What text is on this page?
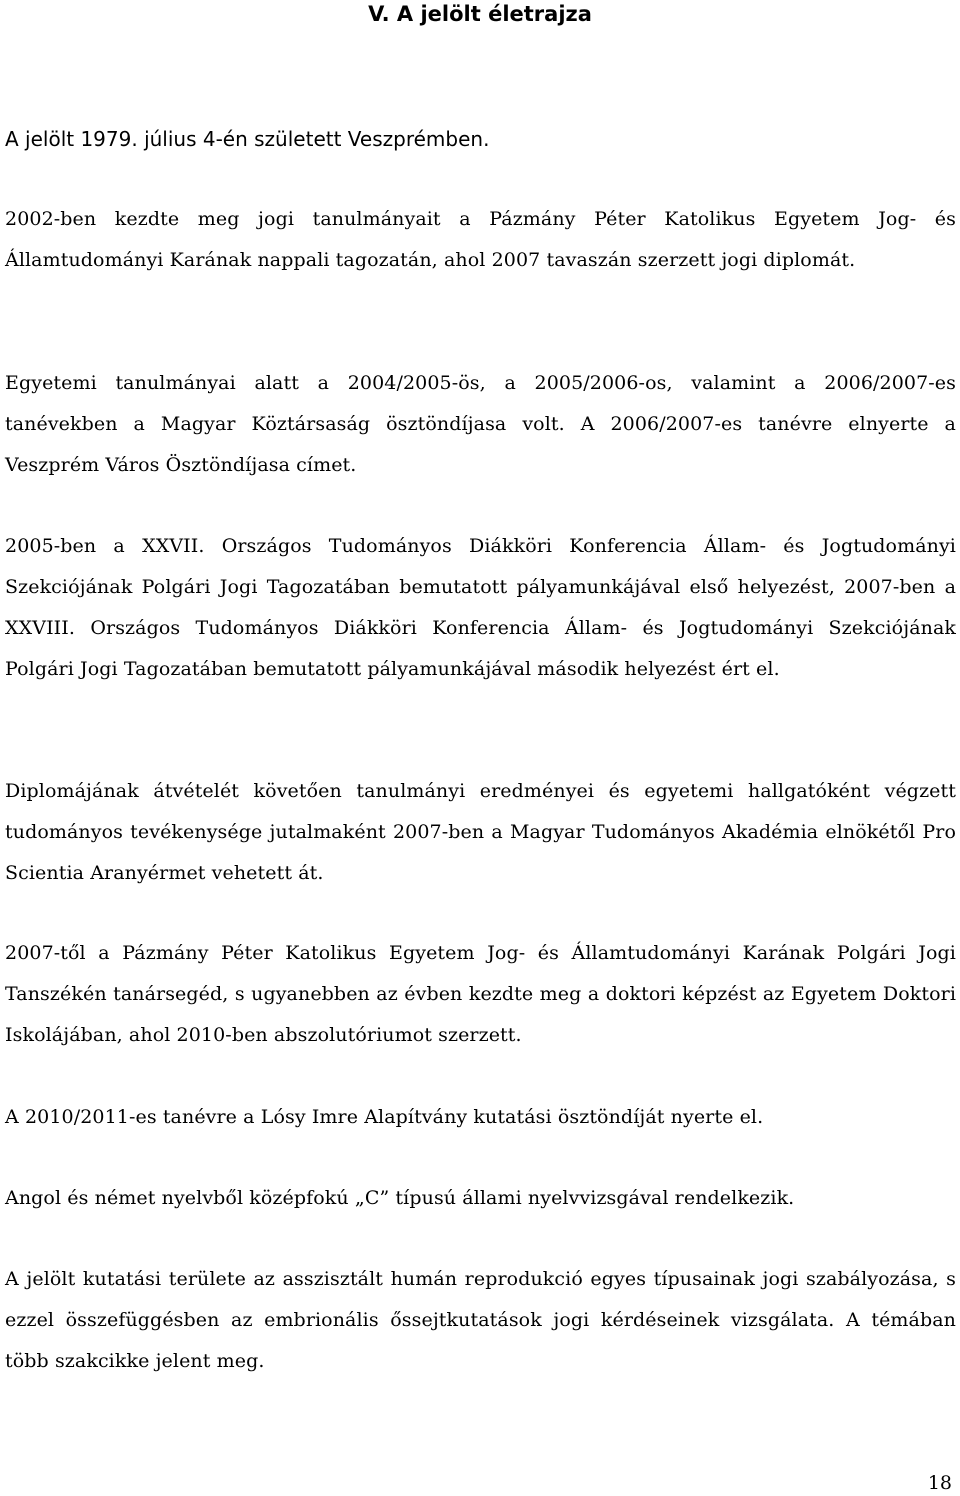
V. A jelölt életrajza

A jelölt 1979. július 4-én született Veszprémben.

2002-ben kezdte meg jogi tanulmányait a Pázmány Péter Katolikus Egyetem Jog- és Államtudományi Karának nappali tagozatán, ahol 2007 tavaszán szerzett jogi diplomát.

Egyetemi tanulmányai alatt a 2004/2005-ös, a 2005/2006-os, valamint a 2006/2007-es tanévekben a Magyar Köztársaság ösztöndíjasa volt. A 2006/2007-es tanévre elnyerte a Veszprém Város Ösztöndíjasa címet.

2005-ben a XXVII. Országos Tudományos Diákköri Konferencia Állam- és Jogtudományi Szekciójának Polgári Jogi Tagozatában bemutatott pályamunkájával első helyezést, 2007-ben a XXVIII. Országos Tudományos Diákköri Konferencia Állam- és Jogtudományi Szekciójának Polgári Jogi Tagozatában bemutatott pályamunkájával második helyezést ért el.

Diplomájának átvételét követően tanulmányi eredményei és egyetemi hallgatóként végzett tudományos tevékenysége jutalmaként 2007-ben a Magyar Tudományos Akadémia elnökétől Pro Scientia Aranyérmet vehetett át.

2007-től a Pázmány Péter Katolikus Egyetem Jog- és Államtudományi Karának Polgári Jogi Tanszékén tanársegéd, s ugyanebben az évben kezdte meg a doktori képzést az Egyetem Doktori Iskolájában, ahol 2010-ben abszolutóriumot szerzett.

A 2010/2011-es tanévre a Lósy Imre Alapítvány kutatási ösztöndíját nyerte el.

Angol és német nyelvből középfokú „C” típusú állami nyelvvizsgával rendelkezik.

A jelölt kutatási területe az asszisztált humán reprodukció egyes típusainak jogi szabályozása, s ezzel összefüggésben az embrionális őssejtkutatások jogi kérdéseinek vizsgálata. A témában több szakcikke jelent meg.

18
